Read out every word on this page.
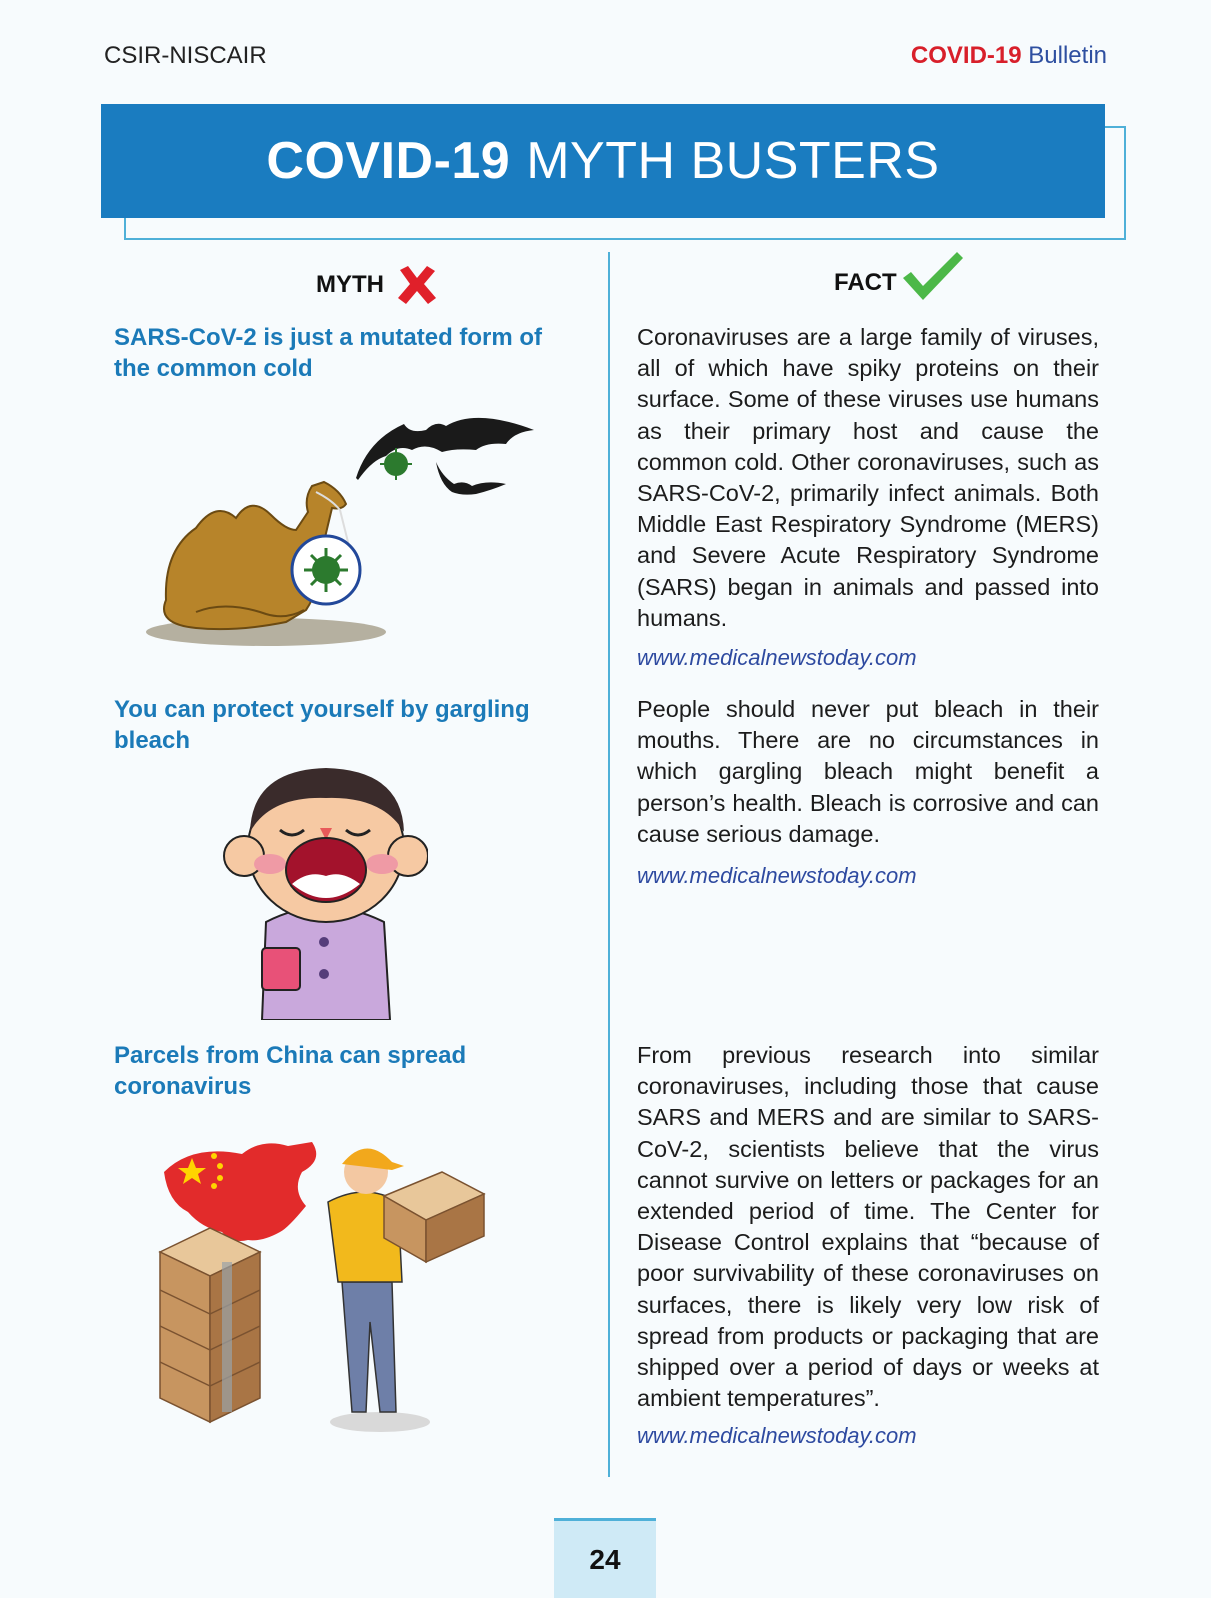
CSIR-NISCAIR	COVID-19 Bulletin
COVID-19 MYTH BUSTERS
MYTH	FACT
SARS-CoV-2 is just a mutated form of the common cold
Coronaviruses are a large family of viruses, all of which have spiky proteins on their surface. Some of these viruses use humans as their primary host and cause the common cold. Other coronaviruses, such as SARS-CoV-2, primarily infect animals. Both Middle East Respiratory Syndrome (MERS) and Severe Acute Respiratory Syndrome (SARS) began in animals and passed into humans.
www.medicalnewstoday.com
You can protect yourself by gargling bleach
People should never put bleach in their mouths. There are no circumstances in which gargling bleach might benefit a person’s health. Bleach is corrosive and can cause serious damage.
www.medicalnewstoday.com
Parcels from China can spread coronavirus
From previous research into similar coronaviruses, including those that cause SARS and MERS and are similar to SARS-CoV-2, scientists believe that the virus cannot survive on letters or packages for an extended period of time. The Center for Disease Control explains that “because of poor survivability of these coronaviruses on surfaces, there is likely very low risk of spread from products or packaging that are shipped over a period of days or weeks at ambient temperatures”.
www.medicalnewstoday.com
24
